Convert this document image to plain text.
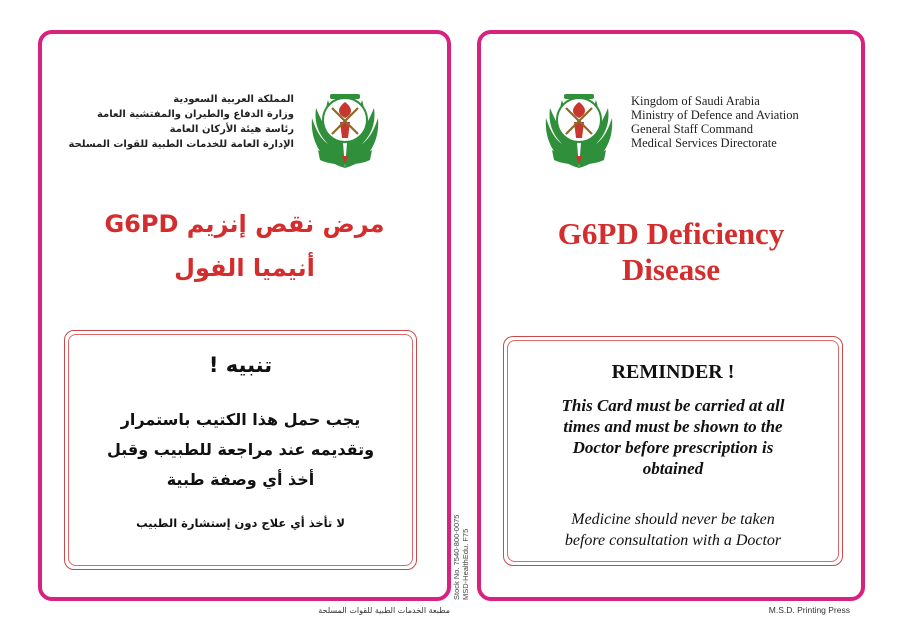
المملكة العربية السعودية
وزارة الدفاع والطيران والمفتشية العامة
رئاسة هيئة الأركان العامة
الإدارة العامة للخدمات الطبية للقوات المسلحة
مرض نقص إنزيم G6PD
أنيميا الفول
تنبيه !
يجب حمل هذا الكتيب باستمرار
وتقديمه عند مراجعة للطبيب وقبل
أخذ أي وصفة طبية
لا تأخذ أي علاج دون إستشارة الطبيب
Kingdom of Saudi Arabia
Ministry of Defence and Aviation
General Staff Command
Medical Services Directorate
G6PD Deficiency
Disease
REMINDER !
This Card must be carried at all
times and must be shown to the
Doctor before prescription is
obtained
Medicine should never be taken
before consultation with a Doctor
مطبعة الخدمات الطبية للقوات المسلحة	M.S.D. Printing Press
Stock No. 7540-800-0075 MSD-HealthEdu. F75
